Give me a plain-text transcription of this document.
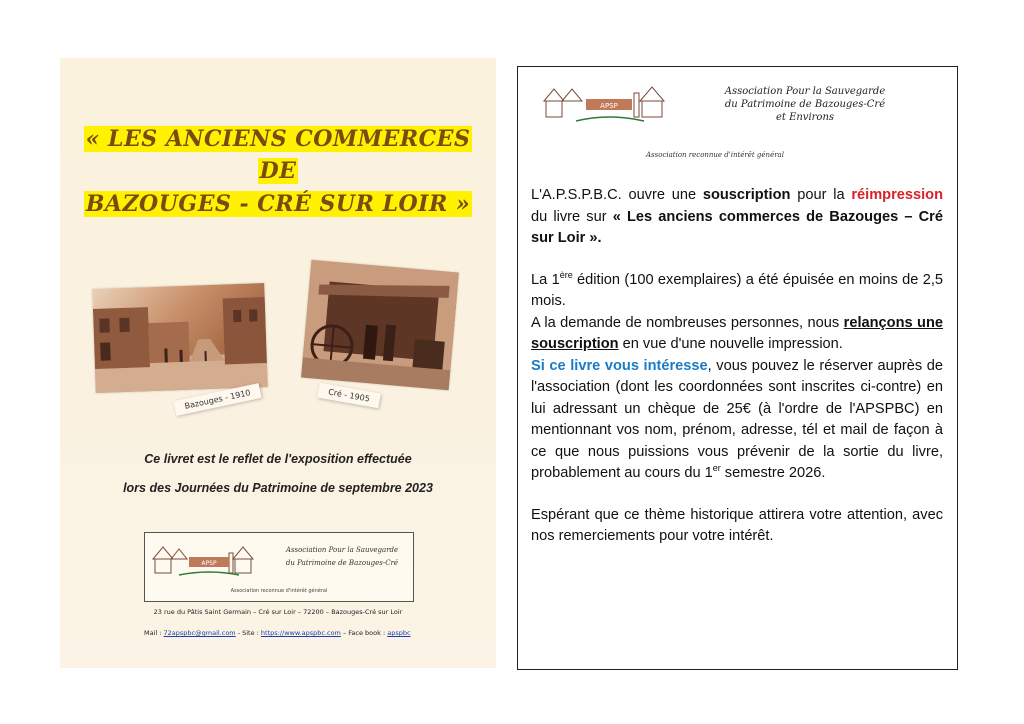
« LES ANCIENS COMMERCES
DE
BAZOUGES - CRÉ SUR LOIR »
Bazouges - 1910	Cré - 1905
Ce livret est le reflet de l'exposition effectuée
lors des Journées du Patrimoine de septembre 2023
APSP
Association Pour la Sauvegarde
du Patrimoine de Bazouges-Cré
Association reconnue d'intérêt général
23 rue du Pâtis Saint Germain – Cré sur Loir – 72200 – Bazouges-Cré sur Loir
Mail : 72apspbc@gmail.com - Site : https://www.apspbc.com – Face book : apspbc
APSP
Association Pour la Sauvegarde
du Patrimoine de Bazouges-Cré
et Environs
Association reconnue d'intérêt général

L'A.P.S.P.B.C. ouvre une souscription pour la réimpression du livre sur « Les anciens commerces de Bazouges – Cré sur Loir ».

La 1ère édition (100 exemplaires) a été épuisée en moins de 2,5 mois.

A la demande de nombreuses personnes, nous relançons une souscription en vue d'une nouvelle impression.

Si ce livre vous intéresse, vous pouvez le réserver auprès de l'association (dont les coordonnées sont inscrites ci-contre) en lui adressant un chèque de 25€ (à l'ordre de l'APSPBC) en mentionnant vos nom, prénom, adresse, tél et mail de façon à ce que nous puissions vous prévenir de la sortie du livre, probablement au cours du 1er semestre 2026.

Espérant que ce thème historique attirera votre attention, avec nos remerciements pour votre intérêt.
